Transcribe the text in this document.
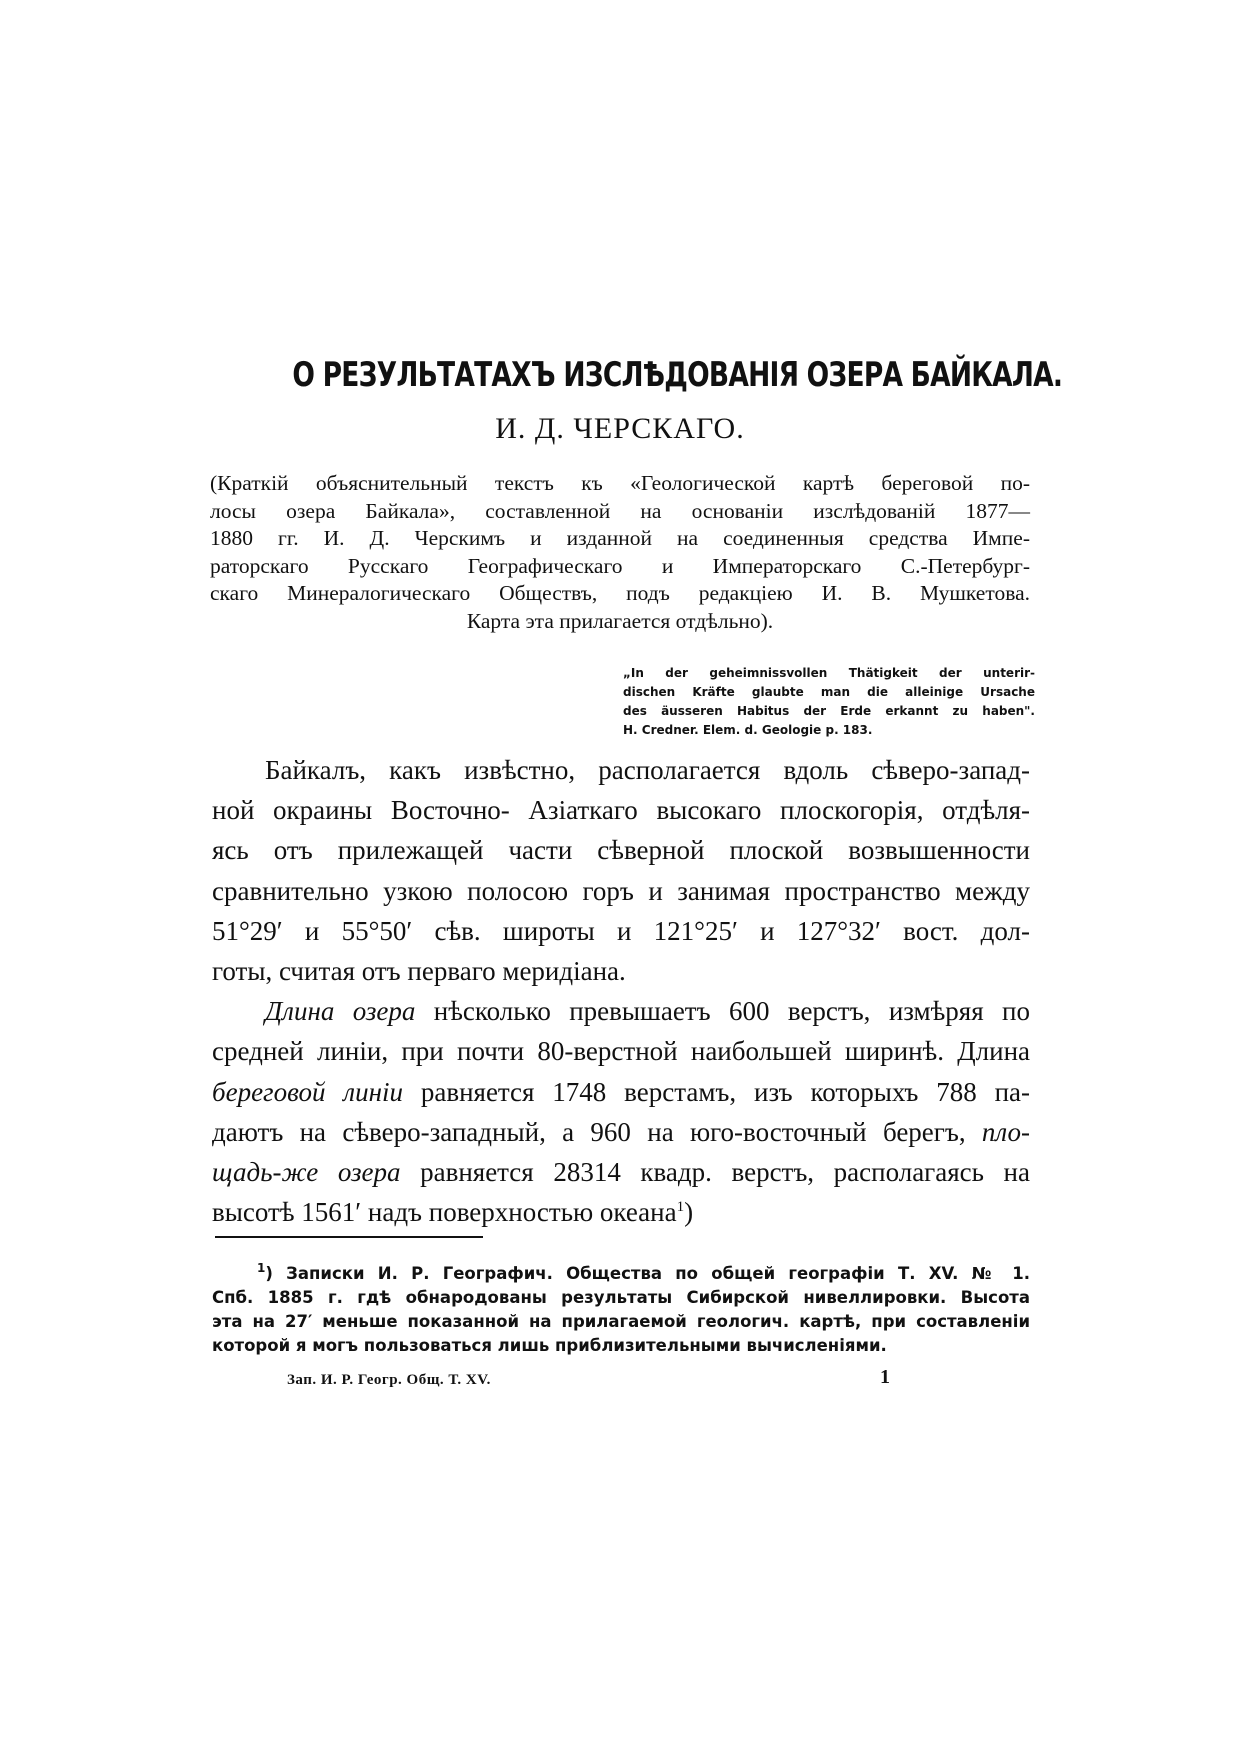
О РЕЗУЛЬТАТАХЪ ИЗСЛѢДОВАНIЯ ОЗЕРА БАЙКАЛА.
И. Д. ЧЕРСКАГО.
(Краткій объяснительный текстъ къ «Геологической картѣ береговой по-
лосы озера Байкала», составленной на основаніи изслѣдованій 1877—
1880 гг. И. Д. Черскимъ и изданной на соединенныя средства Импе-
раторскаго Русскаго Географическаго и Императорскаго С.-Петербург-
скаго Минералогическаго Обществъ, подъ редакціею И. В. Мушкетова.
Карта эта прилагается отдѣльно).
„In der geheimnissvollen Thätigkeit der unterir-
dischen Kräfte glaubte man die alleinige Ursache
des äusseren Habitus der Erde erkannt zu haben".
H. Credner. Elem. d. Geologie p. 183.
Байкалъ, какъ извѣстно, располагается вдоль сѣверо-запад-
ной окраины Восточно- Азіаткаго высокаго плоскогорія, отдѣля-
ясь отъ прилежащей части сѣверной плоской возвышенности
сравнительно узкою полосою горъ и занимая пространство между
51°29′ и 55°50′ сѣв. широты и 121°25′ и 127°32′ вост. дол-
готы, считая отъ перваго меридіана.
Длина озера нѣсколько превышаетъ 600 верстъ, измѣряя по
средней линіи, при почти 80-верстной наибольшей ширинѣ. Длина
береговой линіи равняется 1748 верстамъ, изъ которыхъ 788 па-
даютъ на сѣверо-западный, а 960 на юго-восточный берегъ, пло-
щадь-же озера равняется 28314 квадр. верстъ, располагаясь на
высотѣ 1561′ надъ поверхностью океана$^1$)
$^1$) Записки И. Р. Географич. Общества по общей географіи Т. XV. № 1.
Спб. 1885 г. гдѣ обнародованы результаты Сибирской нивеллировки. Высота
эта на 27′ меньше показанной на прилагаемой геологич. картѣ, при составленіи
которой я могъ пользоваться лишь приблизительными вычисленіями.
Зап. И. Р. Геогр. Общ. Т. XV.	1
